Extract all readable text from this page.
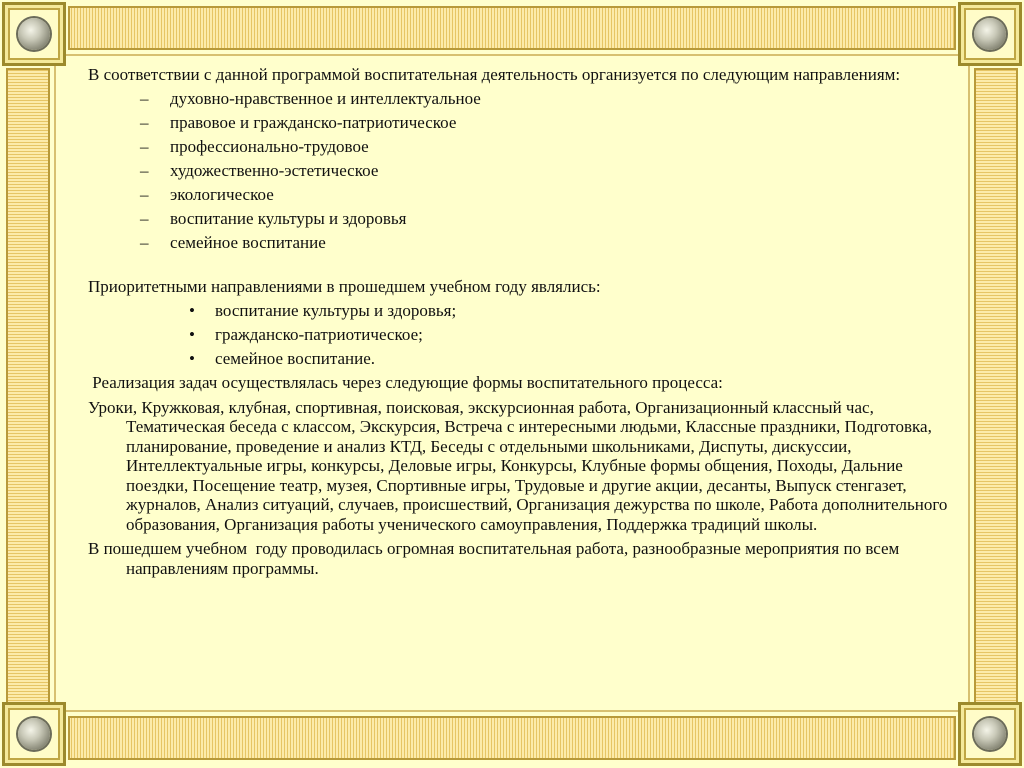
В соответствии с данной программой воспитательная деятельность организуется по следующим направлениям:

– духовно-нравственное и интеллектуальное
– правовое и гражданско-патриотическое
– профессионально-трудовое
– художественно-эстетическое
– экологическое
– воспитание культуры и здоровья
– семейное воспитание

Приоритетными направлениями в прошедшем учебном году являлись:

• воспитание культуры и здоровья;
• гражданско-патриотическое;
• семейное воспитание.

Реализация задач осуществлялась через следующие формы воспитательного процесса:

Уроки, Кружковая, клубная, спортивная, поисковая, экскурсионная работа, Организационный классный час, Тематическая беседа с классом, Экскурсия, Встреча с интересными людьми, Классные праздники, Подготовка, планирование, проведение и анализ КТД, Беседы с отдельными школьниками, Диспуты, дискуссии, Интеллектуальные игры, конкурсы, Деловые игры, Конкурсы, Клубные формы общения, Походы, Дальние поездки, Посещение театр, музея, Спортивные игры, Трудовые и другие акции, десанты, Выпуск стенгазет, журналов, Анализ ситуаций, случаев, происшествий, Организация дежурства по школе, Работа дополнительного образования, Организация работы ученического самоуправления, Поддержка традиций школы.

В пошедшем учебном  году проводилась огромная воспитательная работа, разнообразные мероприятия по всем направлениям программы.
